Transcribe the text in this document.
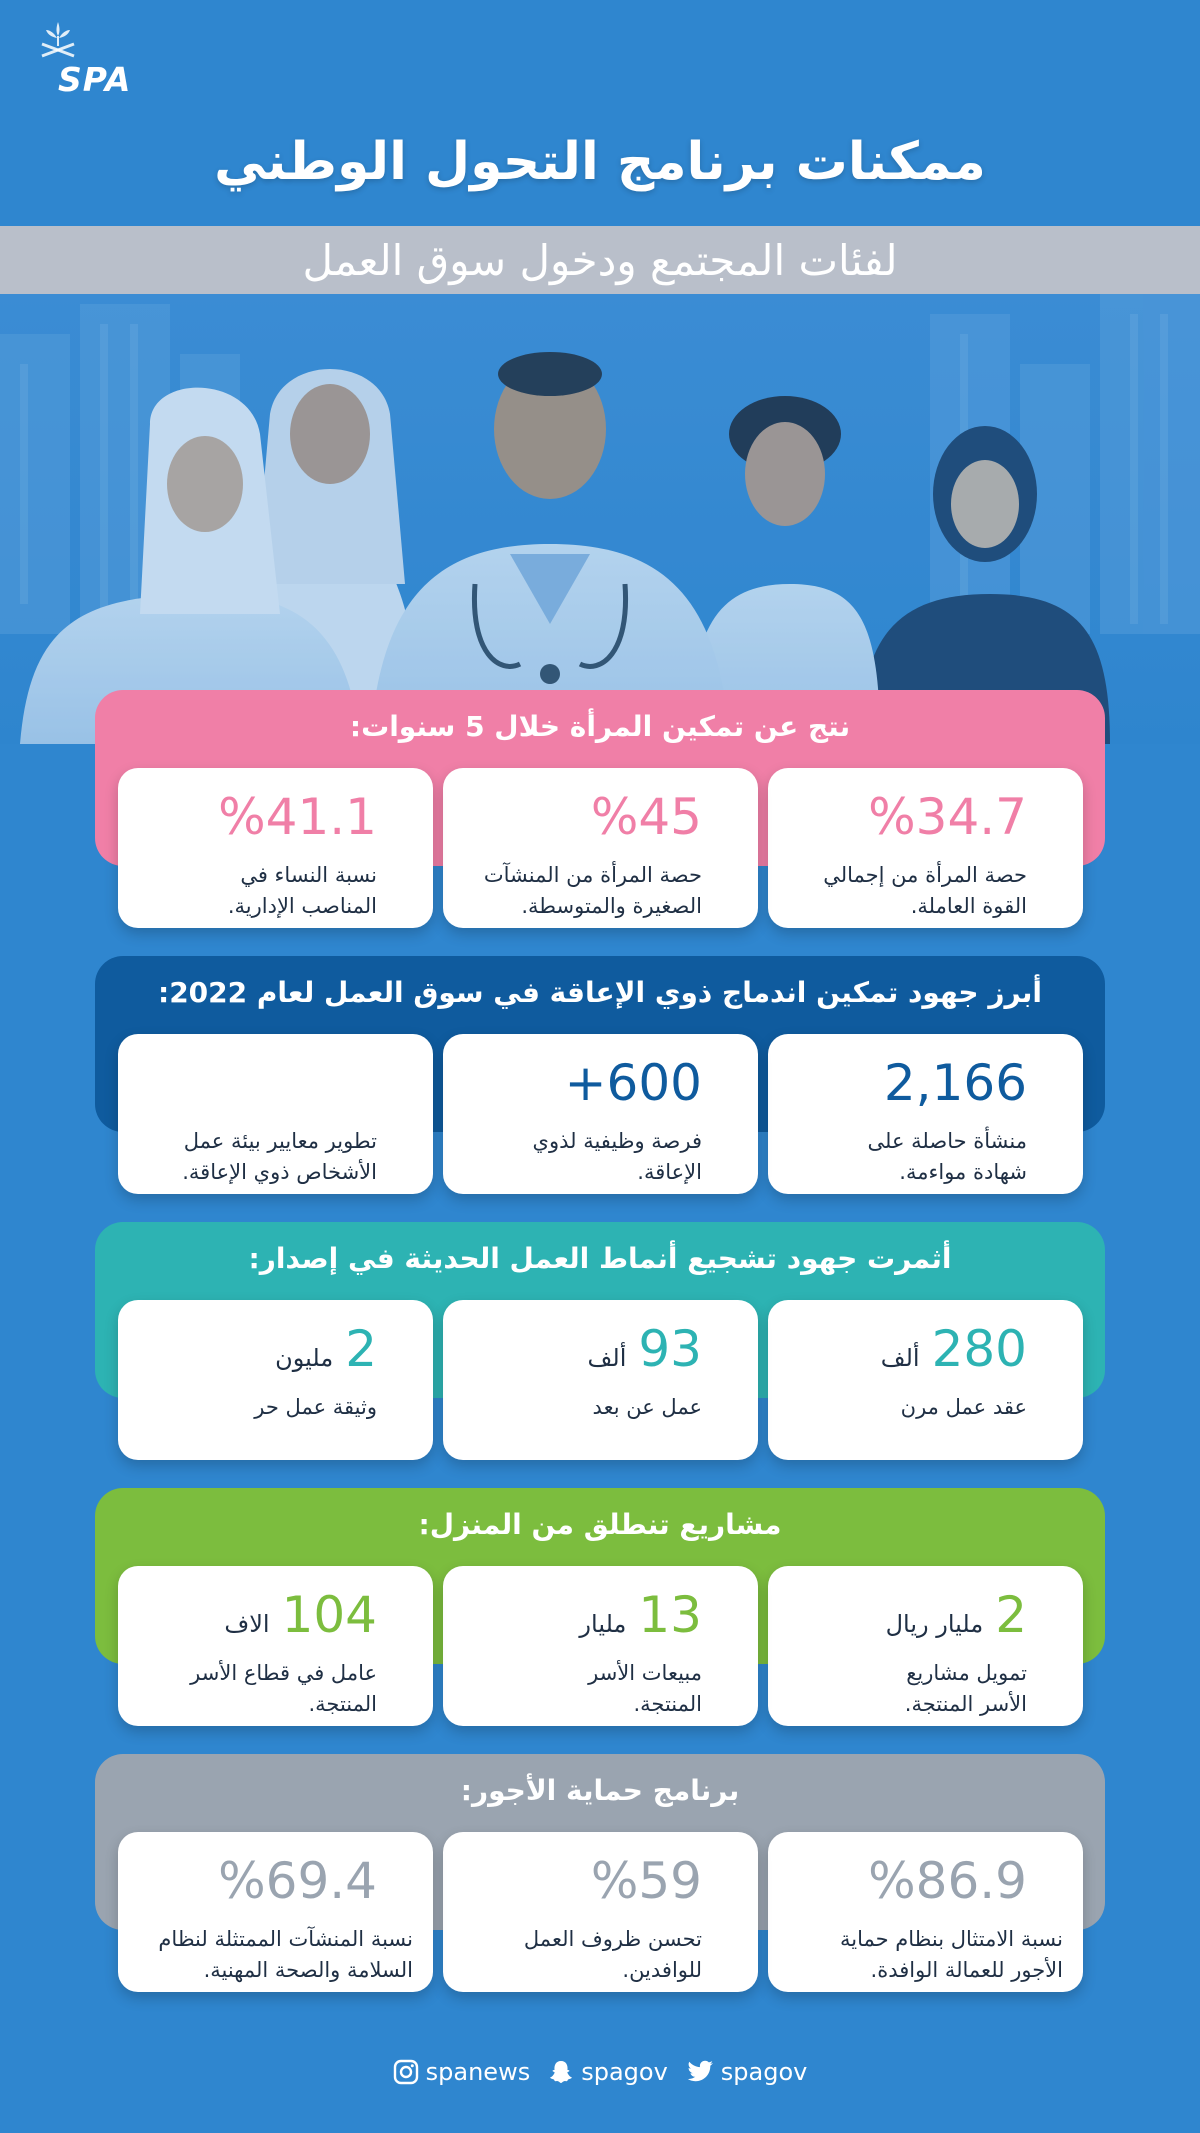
SPA
ممكنات برنامج التحول الوطني
لفئات المجتمع ودخول سوق العمل
نتج عن تمكين المرأة خلال 5 سنوات:
%34.7
حصة المرأة من إجمالي
القوة العاملة.
%45
حصة المرأة من المنشآت
الصغيرة والمتوسطة.
%41.1
نسبة النساء في
المناصب الإدارية.
أبرز جهود تمكين اندماج ذوي الإعاقة في سوق العمل لعام 2022:
2,166
منشأة حاصلة على
شهادة مواءمة.
+600
فرصة وظيفية لذوي
الإعاقة.
تطوير معايير بيئة عمل
الأشخاص ذوي الإعاقة.
أثمرت جهود تشجيع أنماط العمل الحديثة في إصدار:
280
ألف
عقد عمل مرن
93
ألف
عمل عن بعد
2
مليون
وثيقة عمل حر
مشاريع تنطلق من المنزل:
2
مليار ريال
تمويل مشاريع
الأسر المنتجة.
13
مليار
مبيعات الأسر
المنتجة.
104
الاف
عامل في قطاع الأسر
المنتجة.
برنامج حماية الأجور:
%86.9
نسبة الامتثال بنظام حماية
الأجور للعمالة الوافدة.
%59
تحسن ظروف العمل
للوافدين.
%69.4
نسبة المنشآت الممتثلة لنظام
السلامة والصحة المهنية.
spanews spagov spagov
